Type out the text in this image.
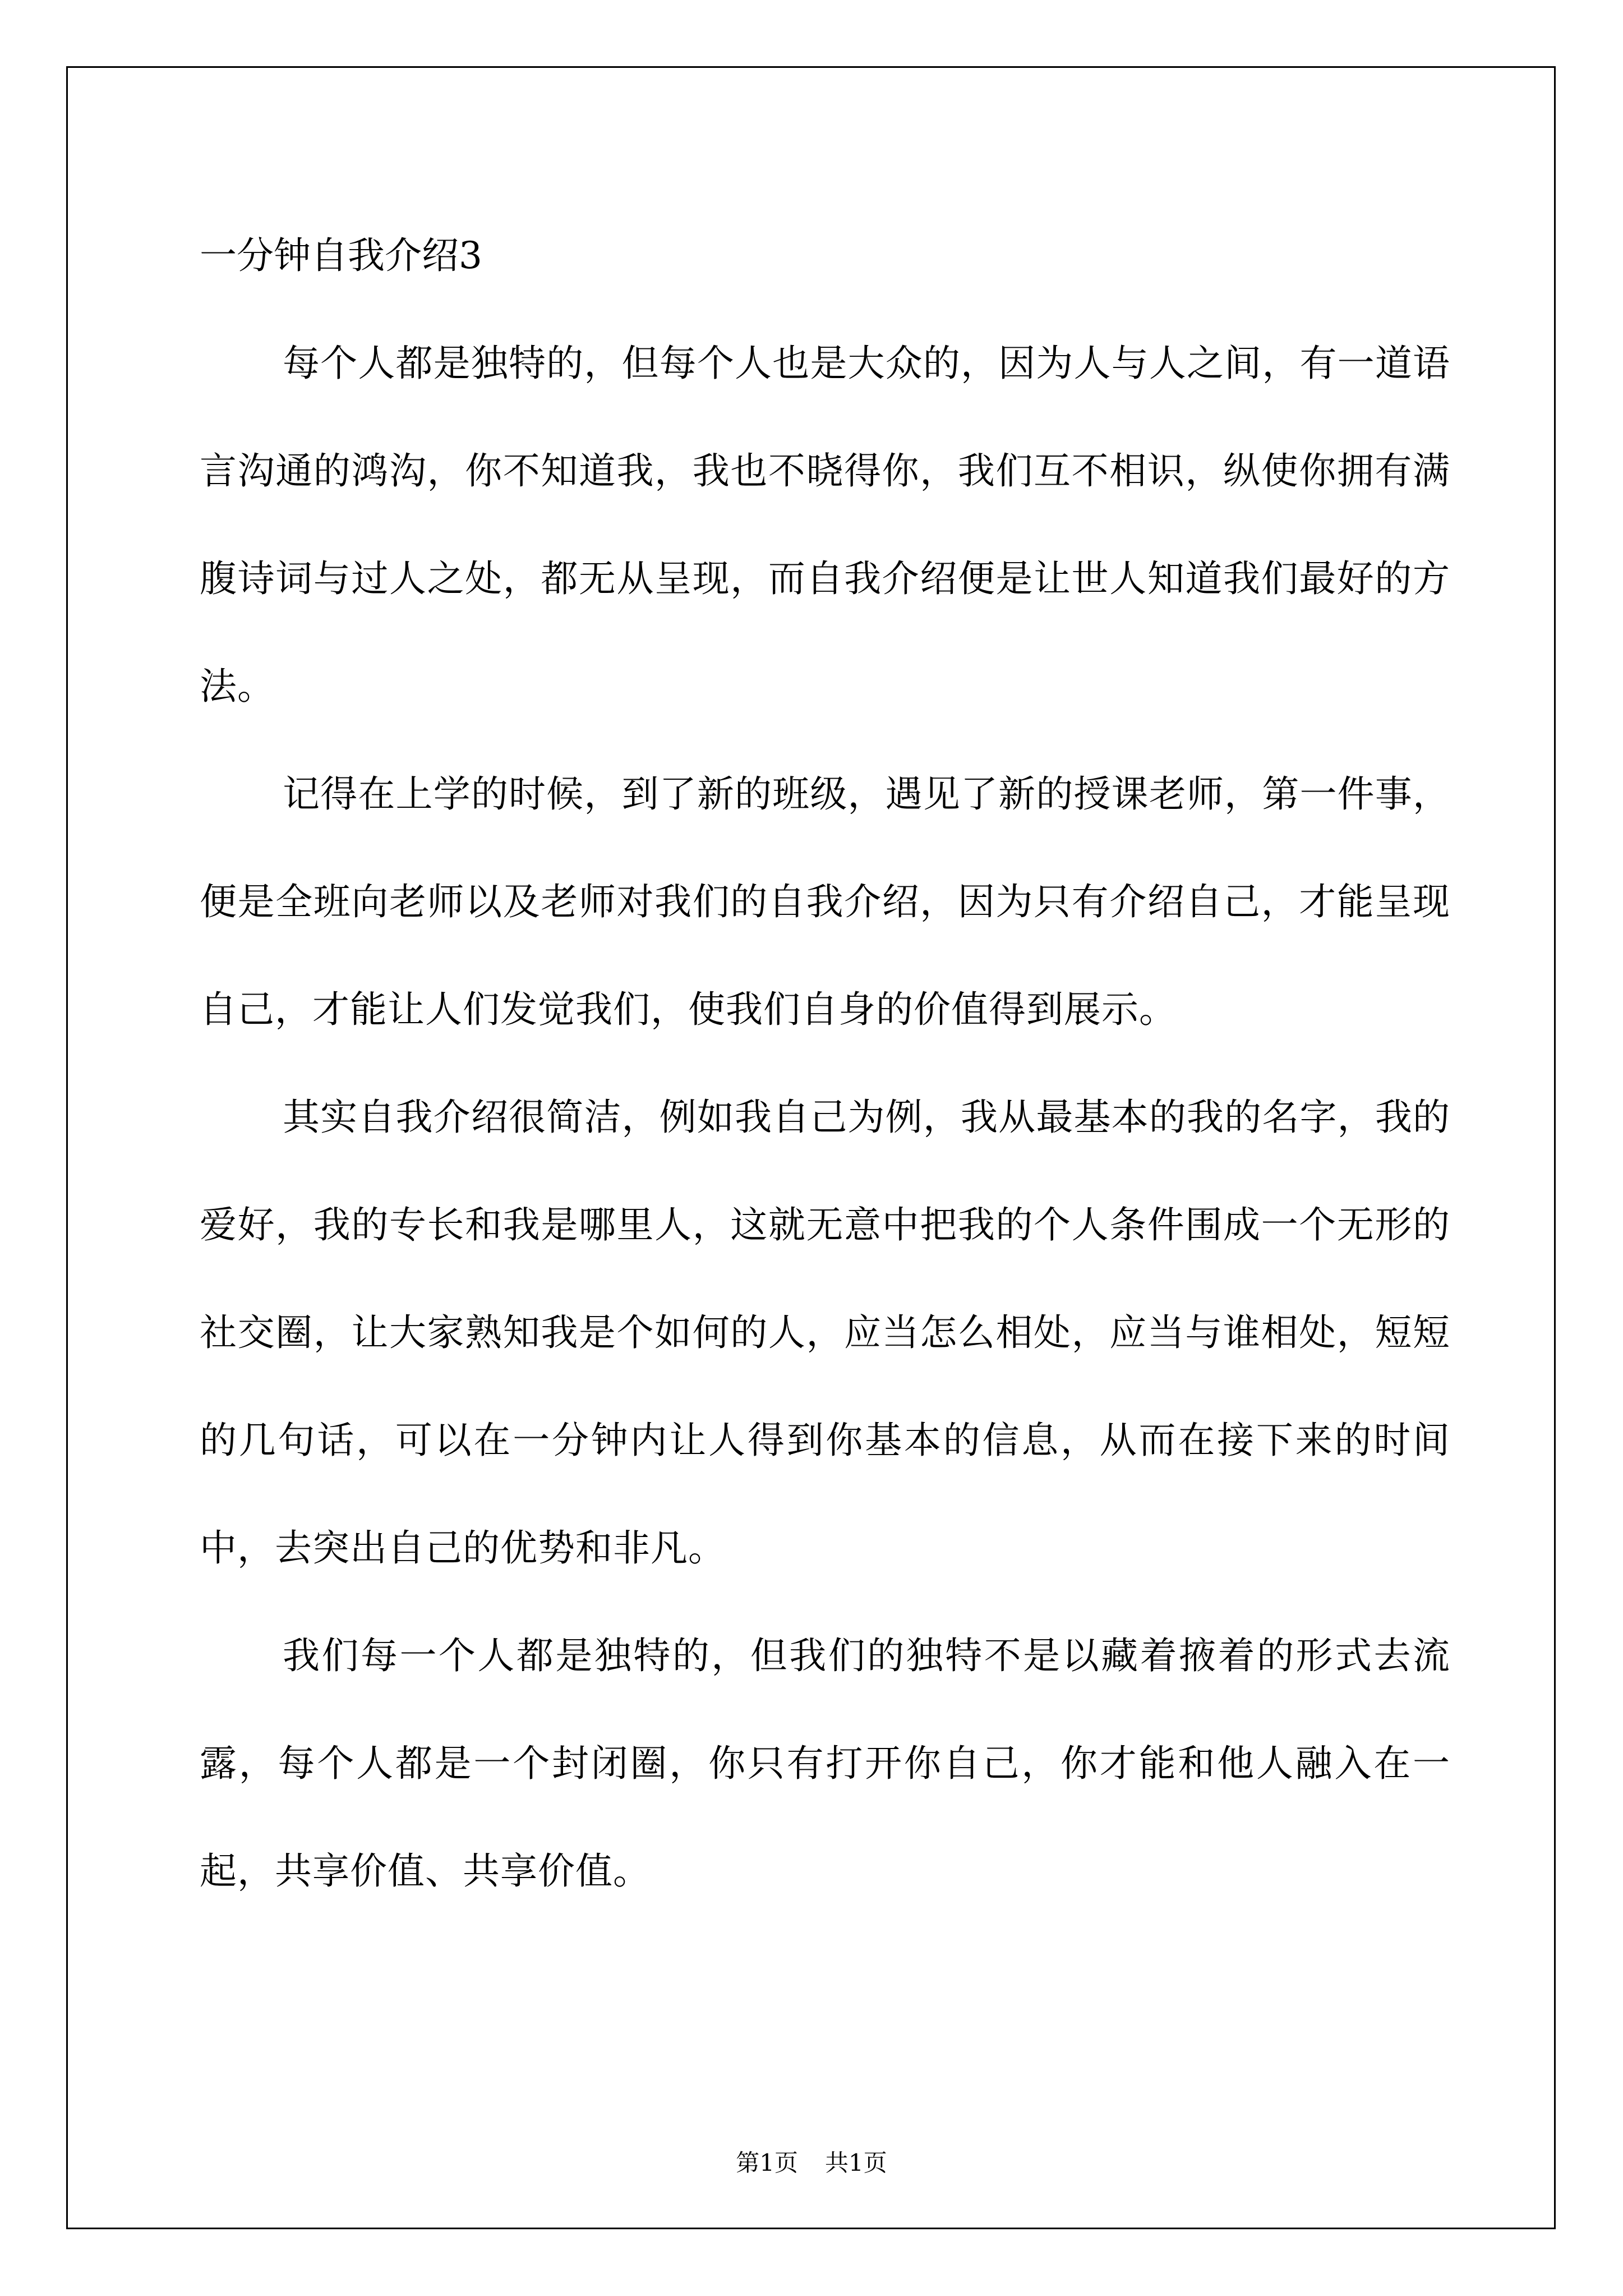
一分钟自我介绍3

每个人都是独特的，但每个人也是大众的，因为人与人之间，有一道语言沟通的鸿沟，你不知道我，我也不晓得你，我们互不相识，纵使你拥有满腹诗词与过人之处，都无从呈现，而自我介绍便是让世人知道我们最好的方法。

记得在上学的时候，到了新的班级，遇见了新的授课老师，第一件事，便是全班向老师以及老师对我们的自我介绍，因为只有介绍自己，才能呈现自己，才能让人们发觉我们，使我们自身的价值得到展示。

其实自我介绍很简洁，例如我自己为例，我从最基本的我的名字，我的爱好，我的专长和我是哪里人，这就无意中把我的个人条件围成一个无形的社交圈，让大家熟知我是个如何的人，应当怎么相处，应当与谁相处，短短的几句话，可以在一分钟内让人得到你基本的信息，从而在接下来的时间中，去突出自己的优势和非凡。

我们每一个人都是独特的，但我们的独特不是以藏着掖着的形式去流露，每个人都是一个封闭圈，你只有打开你自己，你才能和他人融入在一起，共享价值、共享价值。

第1页 共1页
